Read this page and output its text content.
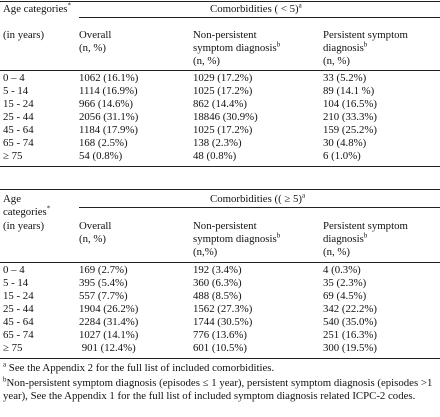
Age categories*	Comorbidities ( < 5)$^a$
(in years)	Overall
(n, %)
Non-persistent
symptom diagnosis$^b$
(n, %)
Persistent symptom
diagnosis$^b$
(n, %)
0 – 4	1062 (16.1%)	1029 (17.2%)	33 (5.2%)
5 - 14	1114 (16.9%)	1025 (17.2%)	89 (14.1 %)
15 - 24	966 (14.6%)	862 (14.4%)	104 (16.5%)
25 - 44	2056 (31.1%)	18846 (30.9%)	210 (33.3%)
45 - 64	1184 (17.9%)	1025 (17.2%)	159 (25.2%)
65 - 74	168 (2.5%)	138 (2.3%)	30 (4.8%)
≥ 75	54 (0.8%)	48 (0.8%)	6 (1.0%)
Age
categories*
Comorbidities (( ≥ 5)$^a$
(in years)	Overall
(n, %)
Non-persistent
symptom diagnosis$^b$
(n,%)
Persistent symptom
diagnosis$^b$
(n, %)
0 – 4	169 (2.7%)	192 (3.4%)	4 (0.3%)
5 - 14	395 (5.4%)	360 (6.3%)	35 (2.3%)
15 - 24	557 (7.7%)	488 (8.5%)	69 (4.5%)
25 - 44	1904 (26.2%)	1562 (27.3%)	342 (22.2%)
45 - 64	2284 (31.4%)	1744 (30.5%)	540 (35.0%)
65 - 74	1027 (14.1%)	776 (13.6%)	251 (16.3%)
≥ 75	901 (12.4%)	601 (10.5%)	300 (19.5%)
$^a$ See the Appendix 2 for the full list of included comorbidities.
$^b$Non-persistent symptom diagnosis (episodes ≤ 1 year), persistent symptom diagnosis (episodes >1 year), See the Appendix 1 for the full list of included symptom diagnosis related ICPC-2 codes.
